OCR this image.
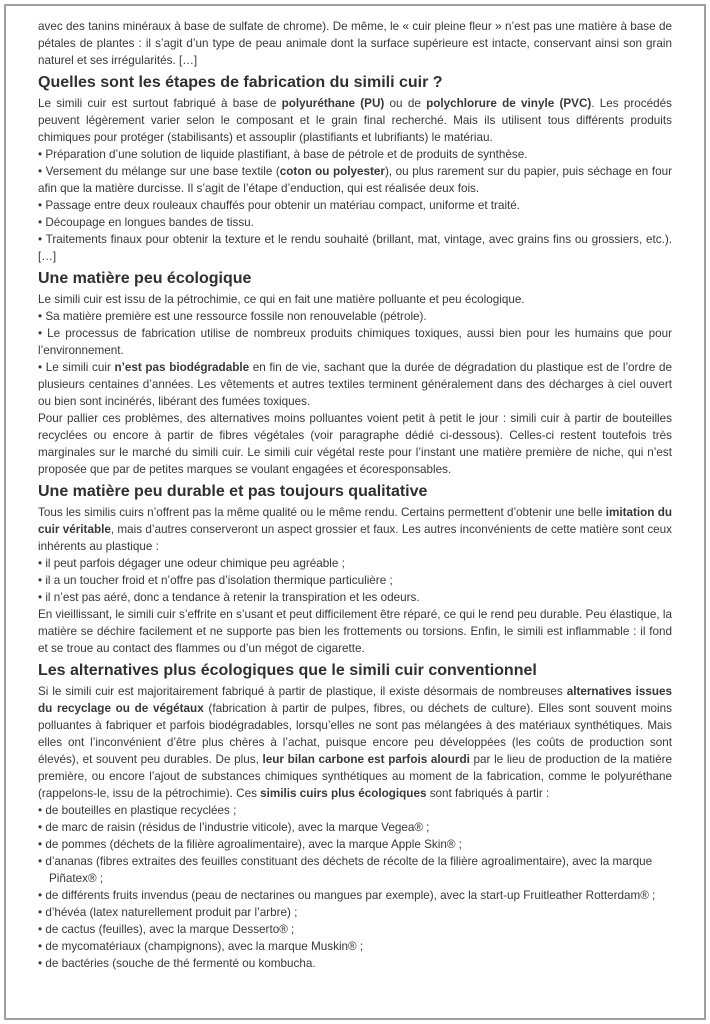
avec des tanins minéraux à base de sulfate de chrome). De même, le « cuir pleine fleur » n’est pas une matière à base de pétales de plantes : il s’agit d’un type de peau animale dont la surface supérieure est intacte, conservant ainsi son grain naturel et ses irrégularités. […]
Quelles sont les étapes de fabrication du simili cuir ?
Le simili cuir est surtout fabriqué à base de polyuréthane (PU) ou de polychlorure de vinyle (PVC). Les procédés peuvent légèrement varier selon le composant et le grain final recherché. Mais ils utilisent tous différents produits chimiques pour protéger (stabilisants) et assouplir (plastifiants et lubrifiants) le matériau.
• Préparation d’une solution de liquide plastifiant, à base de pétrole et de produits de synthèse.
• Versement du mélange sur une base textile (coton ou polyester), ou plus rarement sur du papier, puis séchage en four afin que la matière durcisse. Il s’agit de l’étape d’enduction, qui est réalisée deux fois.
• Passage entre deux rouleaux chauffés pour obtenir un matériau compact, uniforme et traité.
• Découpage en longues bandes de tissu.
• Traitements finaux pour obtenir la texture et le rendu souhaité (brillant, mat, vintage, avec grains fins ou grossiers, etc.). […]
Une matière peu écologique
Le simili cuir est issu de la pétrochimie, ce qui en fait une matière polluante et peu écologique.
• Sa matière première est une ressource fossile non renouvelable (pétrole).
• Le processus de fabrication utilise de nombreux produits chimiques toxiques, aussi bien pour les humains que pour l’environnement.
• Le simili cuir n’est pas biodégradable en fin de vie, sachant que la durée de dégradation du plastique est de l’ordre de plusieurs centaines d’années. Les vêtements et autres textiles terminent généralement dans des décharges à ciel ouvert ou bien sont incinérés, libérant des fumées toxiques.
Pour pallier ces problèmes, des alternatives moins polluantes voient petit à petit le jour : simili cuir à partir de bouteilles recyclées ou encore à partir de fibres végétales (voir paragraphe dédié ci-dessous). Celles-ci restent toutefois très marginales sur le marché du simili cuir. Le simili cuir végétal reste pour l’instant une matière première de niche, qui n’est proposée que par de petites marques se voulant engagées et écoresponsables.
Une matière peu durable et pas toujours qualitative
Tous les similis cuirs n’offrent pas la même qualité ou le même rendu. Certains permettent d’obtenir une belle imitation du cuir véritable, mais d’autres conserveront un aspect grossier et faux. Les autres inconvénients de cette matière sont ceux inhérents au plastique :
• il peut parfois dégager une odeur chimique peu agréable ;
• il a un toucher froid et n’offre pas d’isolation thermique particulière ;
• il n’est pas aéré, donc a tendance à retenir la transpiration et les odeurs.
En vieillissant, le simili cuir s’effrite en s’usant et peut difficilement être réparé, ce qui le rend peu durable. Peu élastique, la matière se déchire facilement et ne supporte pas bien les frottements ou torsions. Enfin, le simili est inflammable : il fond et se troue au contact des flammes ou d’un mégot de cigarette.
Les alternatives plus écologiques que le simili cuir conventionnel
Si le simili cuir est majoritairement fabriqué à partir de plastique, il existe désormais de nombreuses alternatives issues du recyclage ou de végétaux (fabrication à partir de pulpes, fibres, ou déchets de culture). Elles sont souvent moins polluantes à fabriquer et parfois biodégradables, lorsqu’elles ne sont pas mélangées à des matériaux synthétiques. Mais elles ont l’inconvénient d’être plus chères à l’achat, puisque encore peu développées (les coûts de production sont élevés), et souvent peu durables. De plus, leur bilan carbone est parfois alourdi par le lieu de production de la matière première, ou encore l’ajout de substances chimiques synthétiques au moment de la fabrication, comme le polyuréthane (rappelons-le, issu de la pétrochimie). Ces similis cuirs plus écologiques sont fabriqués à partir :
• de bouteilles en plastique recyclées ;
• de marc de raisin (résidus de l’industrie viticole), avec la marque Vegea® ;
• de pommes (déchets de la filière agroalimentaire), avec la marque Apple Skin® ;
• d’ananas (fibres extraites des feuilles constituant des déchets de récolte de la filière agroalimentaire), avec la marque Piñatex® ;
• de différents fruits invendus (peau de nectarines ou mangues par exemple), avec la start-up Fruitleather Rotterdam® ;
• d’hévéa (latex naturellement produit par l’arbre) ;
• de cactus (feuilles), avec la marque Desserto® ;
• de mycomatériaux (champignons), avec la marque Muskin® ;
• de bactéries (souche de thé fermenté ou kombucha.
